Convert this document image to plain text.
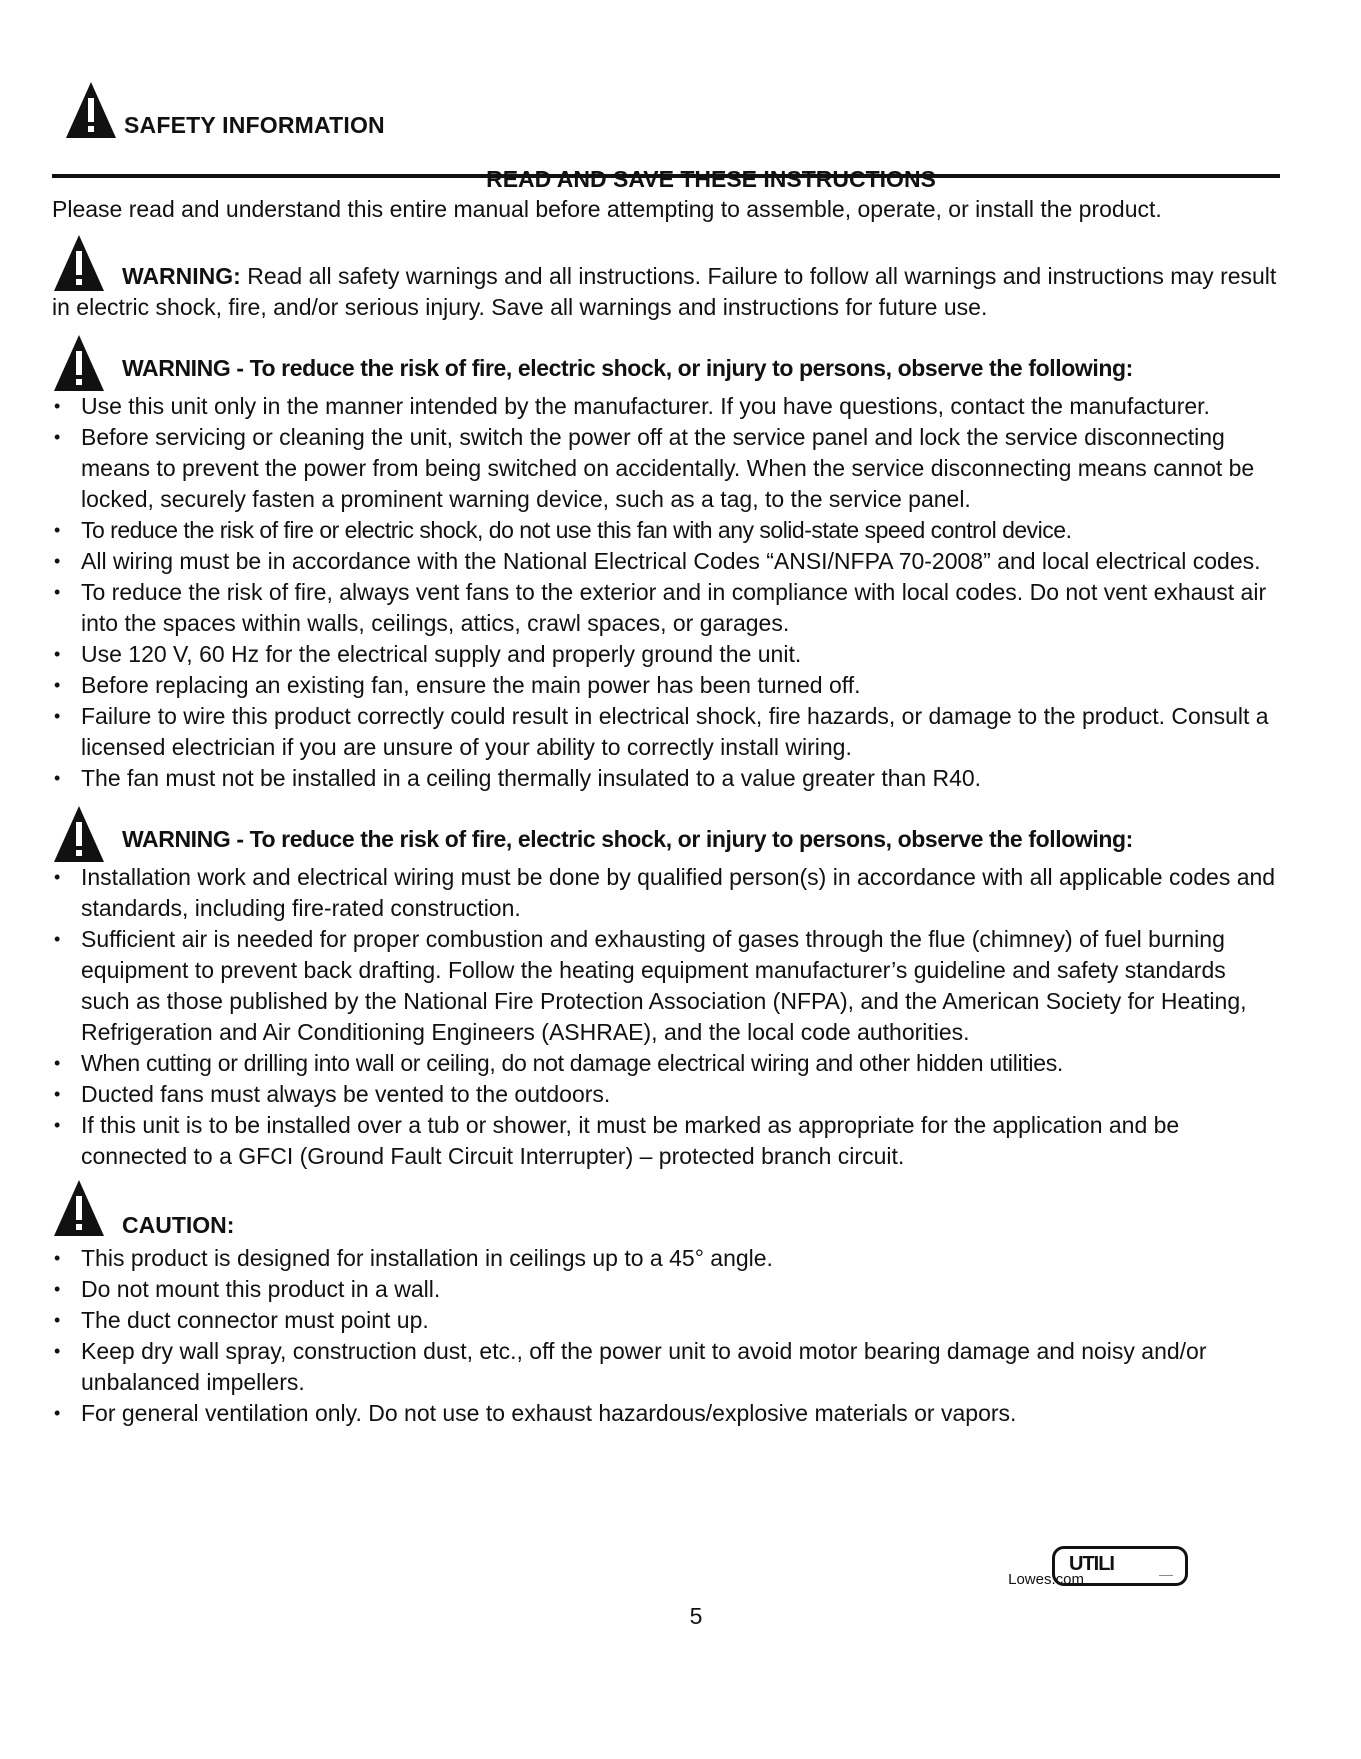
SAFETY INFORMATION
READ AND SAVE THESE INSTRUCTIONS

Please read and understand this entire manual before attempting to assemble, operate, or install the product.

WARNING: Read all safety warnings and all instructions. Failure to follow all warnings and instructions may result in electric shock, fire, and/or serious injury. Save all warnings and instructions for future use.

WARNING - To reduce the risk of fire, electric shock, or injury to persons, observe the following:
• Use this unit only in the manner intended by the manufacturer. If you have questions, contact the manufacturer.
• Before servicing or cleaning the unit, switch the power off at the service panel and lock the service disconnecting means to prevent the power from being switched on accidentally. When the service disconnecting means cannot be locked, securely fasten a prominent warning device, such as a tag, to the service panel.
• To reduce the risk of fire or electric shock, do not use this fan with any solid-state speed control device.
• All wiring must be in accordance with the National Electrical Codes “ANSI/NFPA 70-2008” and local electrical codes.
• To reduce the risk of fire, always vent fans to the exterior and in compliance with local codes. Do not vent exhaust air into the spaces within walls, ceilings, attics, crawl spaces, or garages.
• Use 120 V, 60 Hz for the electrical supply and properly ground the unit.
• Before replacing an existing fan, ensure the main power has been turned off.
• Failure to wire this product correctly could result in electrical shock, fire hazards, or damage to the product. Consult a licensed electrician if you are unsure of your ability to correctly install wiring.
• The fan must not be installed in a ceiling thermally insulated to a value greater than R40.
WARNING - To reduce the risk of fire, electric shock, or injury to persons, observe the following:
• Installation work and electrical wiring must be done by qualified person(s) in accordance with all applicable codes and standards, including fire-rated construction.
• Sufficient air is needed for proper combustion and exhausting of gases through the flue (chimney) of fuel burning equipment to prevent back drafting. Follow the heating equipment manufacturer’s guideline and safety standards such as those published by the National Fire Protection Association (NFPA), and the American Society for Heating, Refrigeration and Air Conditioning Engineers (ASHRAE), and the local code authorities.
• When cutting or drilling into wall or ceiling, do not damage electrical wiring and other hidden utilities.
• Ducted fans must always be vented to the outdoors.
• If this unit is to be installed over a tub or shower, it must be marked as appropriate for the application and be connected to a GFCI (Ground Fault Circuit Interrupter) – protected branch circuit.
CAUTION:
• This product is designed for installation in ceilings up to a 45° angle.
• Do not mount this product in a wall.
• The duct connector must point up.
• Keep dry wall spray, construction dust, etc., off the power unit to avoid motor bearing damage and noisy and/or unbalanced impellers.
• For general ventilation only. Do not use to exhaust hazardous/explosive materials or vapors.
Lowes.com
UTILI
——
5
